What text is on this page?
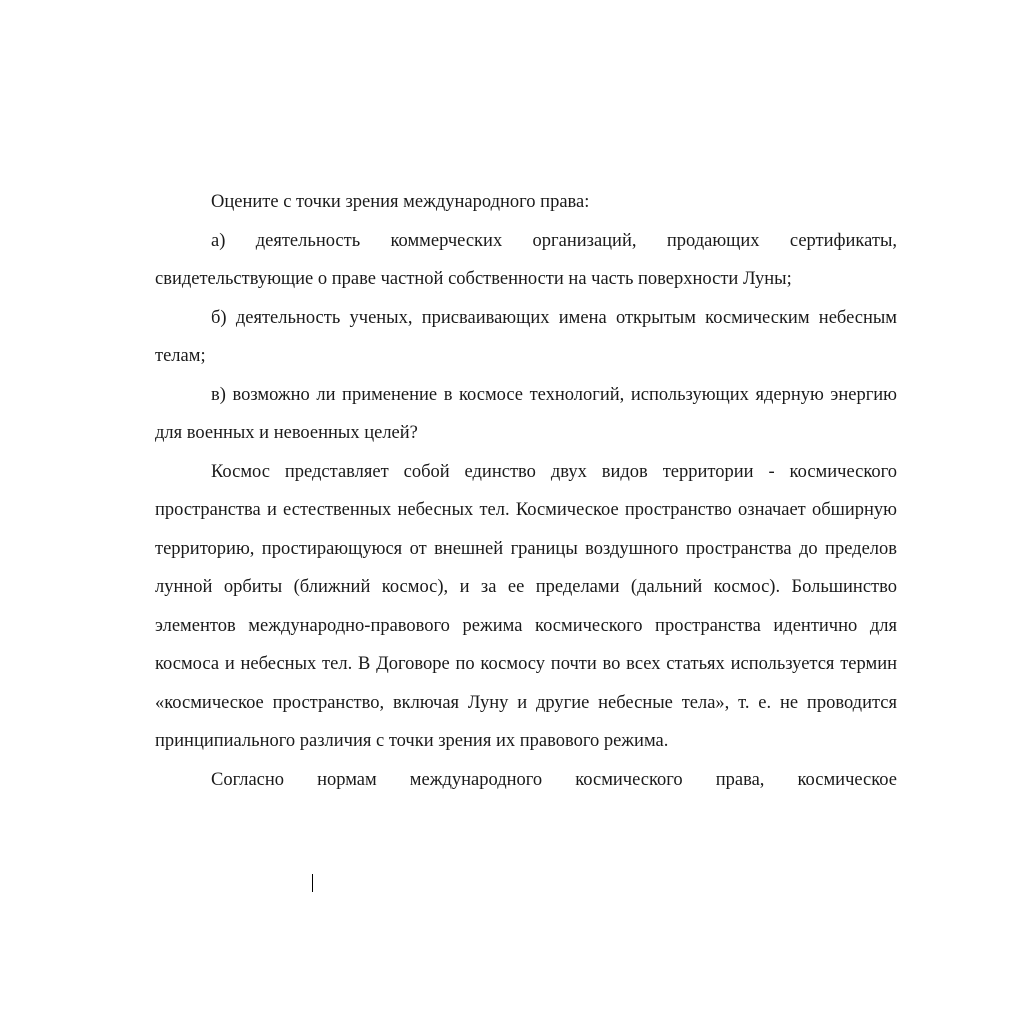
Оцените с точки зрения международного права:

а) деятельность коммерческих организаций, продающих сертификаты, свидетельствующие о праве частной собственности на часть поверхности Луны;

б) деятельность ученых, присваивающих имена открытым космическим небесным телам;

в) возможно ли применение в космосе технологий, использующих ядерную энергию для военных и невоенных целей?

Космос представляет собой единство двух видов территории - космического пространства и естественных небесных тел. Космическое пространство означает обширную территорию, простирающуюся от внешней границы воздушного пространства до пределов лунной орбиты (ближний космос), и за ее пределами (дальний космос). Большинство элементов международно-правового режима космического пространства идентично для космоса и небесных тел. В Договоре по космосу почти во всех статьях используется термин «космическое пространство, включая Луну и другие небесные тела», т. е. не проводится принципиального различия с точки зрения их правового режима.

Согласно нормам международного космического права, космическое
